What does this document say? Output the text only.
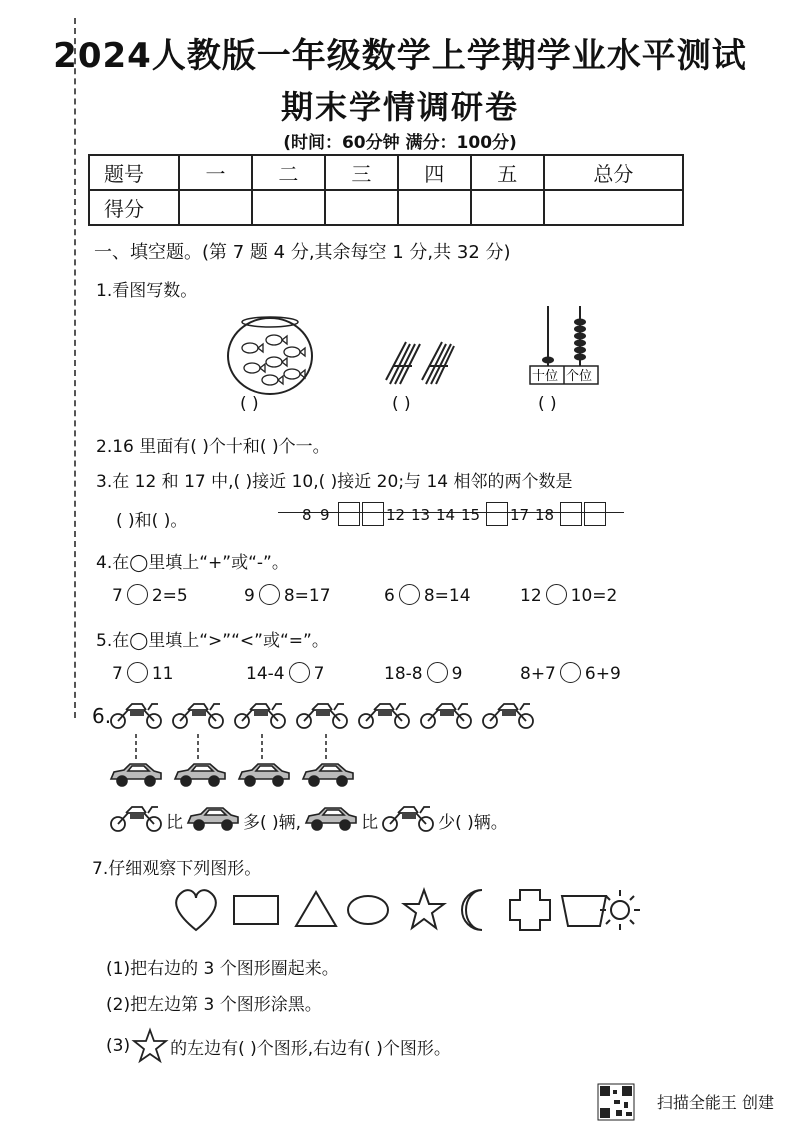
2024人教版一年级数学上学期学业水平测试
期末学情调研卷
(时间：60分钟 满分：100分)
题号	一	二	三	四	五	总分
得分						
一、填空题。(第 7 题 4 分,其余每空 1 分,共 32 分)
1.看图写数。
( )	( )
十位 个位
( )
2.16 里面有( )个十和( )个一。
3.在 12 和 17 中,( )接近 10,( )接近 20;与 14 相邻的两个数是
( )和( )。	8 9	12 13 14 15 17 18
4.在◯里填上“+”或“-”。
7 2=5	9 8=17	6 8=14	12 10=2
5.在◯里填上“>”“<”或“=”。
7 11	14-4 7	18-8 9	8+7 6+9
6.
比	多( )辆,	比	少( )辆。
7.仔细观察下列图形。
(1)把右边的 3 个图形圈起来。
(2)把左边第 3 个图形涂黑。
(3) 的左边有( )个图形,右边有( )个图形。
扫描全能王 创建
